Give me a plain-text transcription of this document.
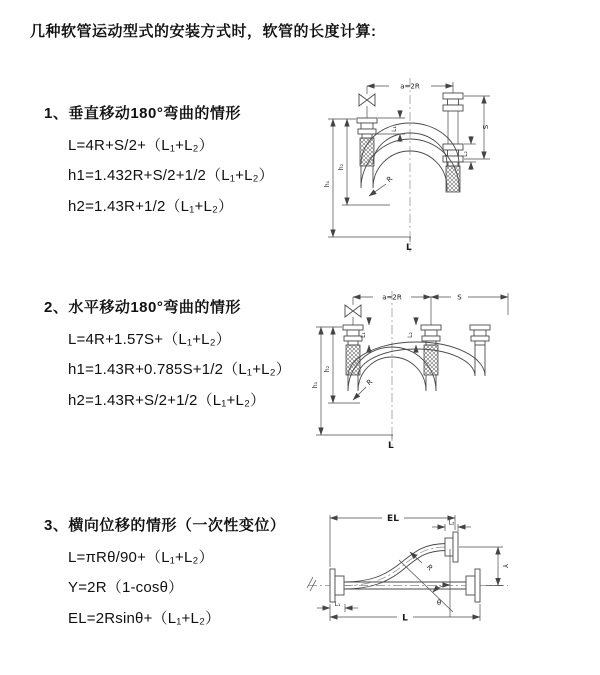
几种软管运动型式的安装方式时，软管的长度计算:
1、垂直移动180°弯曲的情形
L=4R+S/2+（L₁+L₂）
h1=1.432R+S/2+1/2（L₁+L₂）
h2=1.43R+1/2（L₁+L₂）
2、水平移动180°弯曲的情形
L=4R+1.57S+（L₁+L₂）
h1=1.43R+0.785S+1/2（L₁+L₂）
h2=1.43R+S/2+1/2（L₁+L₂）
3、横向位移的情形（一次性变位）
L=πRθ/90+（L₁+L₂）
Y=2R（1-cosθ）
EL=2Rsinθ+（L₁+L₂）
a=2R
L₁	S
L₂
h₁
h₂
R
L
a=2R	S
L₁	L₂
h₁
h₂
R
L
EL	L₂
Y
θ
R
L
L₁
